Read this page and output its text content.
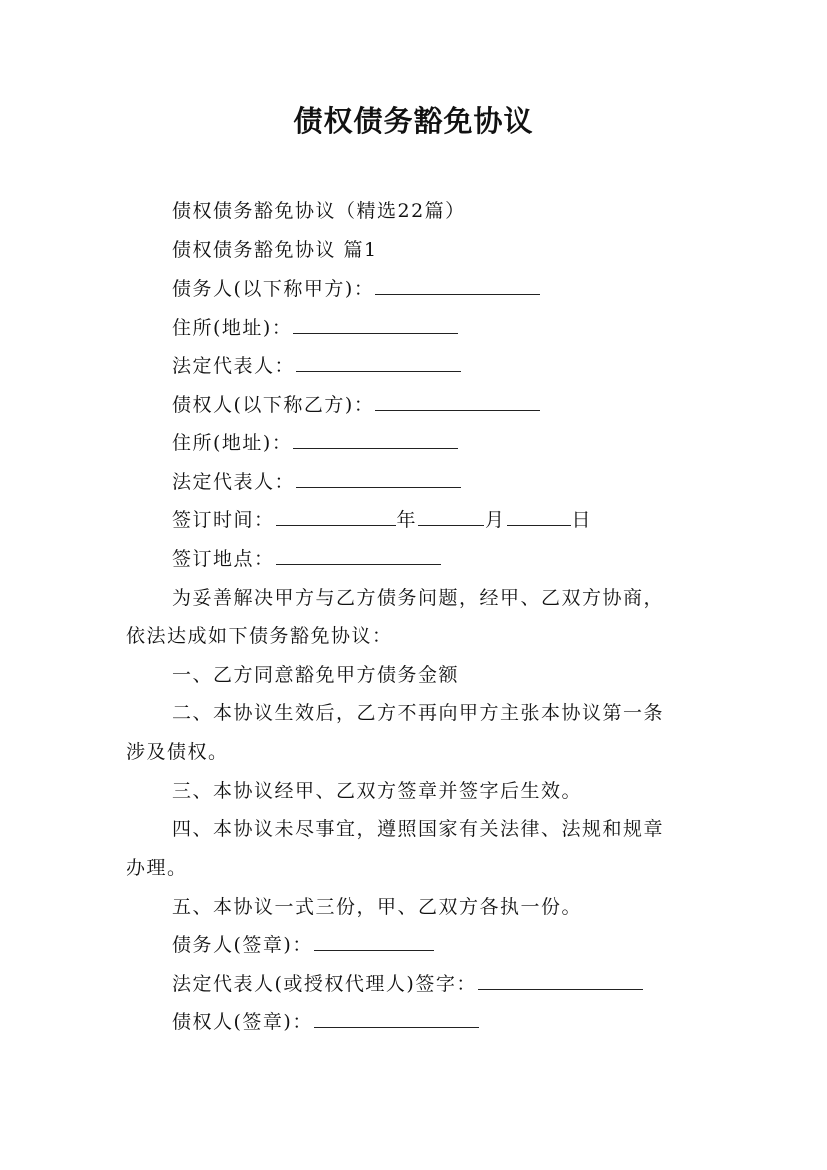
债权债务豁免协议
债权债务豁免协议（精选22篇）
债权债务豁免协议 篇1
债务人(以下称甲方)：
住所(地址)：
法定代表人：
债权人(以下称乙方)：
住所(地址)：
法定代表人：
签订时间：	年	月	日
签订地点：
为妥善解决甲方与乙方债务问题，经甲、乙双方协商，
依法达成如下债务豁免协议：
一、乙方同意豁免甲方债务金额
二、本协议生效后，乙方不再向甲方主张本协议第一条
涉及债权。
三、本协议经甲、乙双方签章并签字后生效。
四、本协议未尽事宜，遵照国家有关法律、法规和规章
办理。
五、本协议一式三份，甲、乙双方各执一份。
债务人(签章)：
法定代表人(或授权代理人)签字：
债权人(签章)：
